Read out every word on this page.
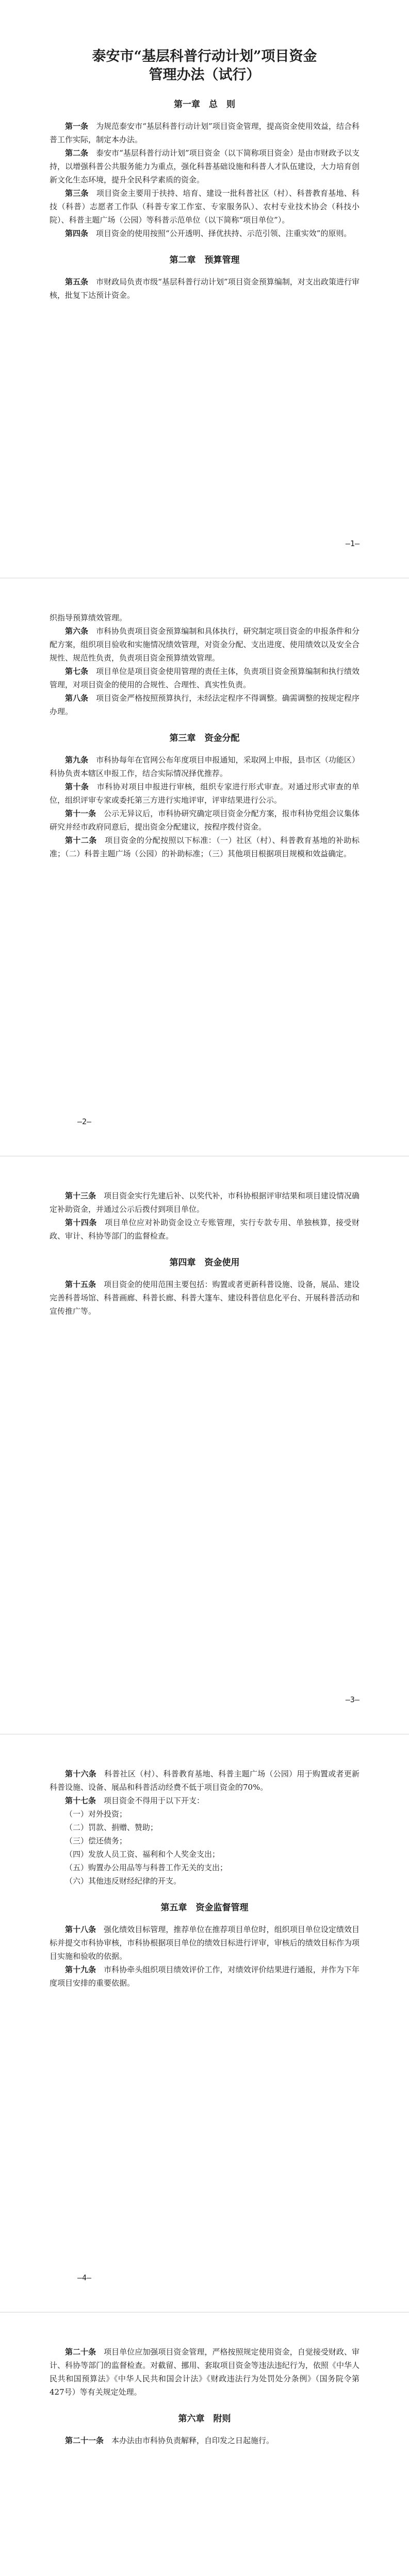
泰安市“基层科普行动计划”项目资金

管理办法（试行）

第一章　总　则

第一条　 为规范泰安市“基层科普行动计划”项目资金管理，提高资金使用效益，结合科普工作实际，制定本办法。

第二条　 泰安市“基层科普行动计划”项目资金（以下简称项目资金）是由市财政予以支持，以增强科普公共服务能力为重点，强化科普基础设施和科普人才队伍建设，大力培育创新文化生态环境，提升全民科学素质的资金。

第三条　 项目资金主要用于扶持、培育、建设一批科普社区（村）、科普教育基地、科技（科普）志愿者工作队（科普专家工作室、专家服务队）、农村专业技术协会（科技小院）、科普主题广场（公园）等科普示范单位（以下简称“项目单位”）。

第四条　 项目资金的使用按照“公开透明、择优扶持、示范引领、注重实效”的原则。

第二章　预算管理

第五条　 市财政局负责市级“基层科普行动计划”项目资金预算编制，对支出政策进行审核，批复下达预计资金。

—1—

织指导预算绩效管理。

第六条　 市科协负责项目资金预算编制和具体执行，研究制定项目资金的申报条件和分配方案，组织项目验收和实施情况绩效管理，对资金分配、支出进度、使用绩效以及安全合规性、规范性负责，负责项目资金预算绩效管理。

第七条　 项目单位是项目资金使用管理的责任主体，负责项目资金预算编制和执行绩效管理，对项目资金的使用的合规性、合理性、真实性负责。

第八条　 项目资金严格按照预算执行，未经法定程序不得调整。确需调整的按规定程序办理。

第三章　资金分配

第九条　 市科协每年在官网公布年度项目申报通知，采取网上申报，县市区（功能区）科协负责本辖区申报工作，结合实际情况择优推荐。

第十条　 市科协对项目申报进行审核，组织专家进行形式审查。对通过形式审查的单位，组织评审专家或委托第三方进行实地评审，评审结果进行公示。

第十一条　 公示无异议后，市科协研究确定项目资金分配方案，报市科协党组会议集体研究并经市政府同意后，提出资金分配建议，按程序拨付资金。

第十二条　 项目资金的分配按照以下标准：（一）社区（村）、科普教育基地的补助标准；（二）科普主题广场（公园）的补助标准；（三）其他项目根据项目规模和效益确定。

—2—

第十三条　 项目资金实行先建后补、以奖代补，市科协根据评审结果和项目建设情况确定补助资金，并通过公示后拨付到项目单位。

第十四条　 项目单位应对补助资金设立专账管理，实行专款专用、单独核算，接受财政、审计、科协等部门的监督检查。

第四章　资金使用

第十五条　 项目资金的使用范围主要包括：购置或者更新科普设施、设备，展品、建设完善科普场馆、科普画廊、科普长廊、科普大篷车、建设科普信息化平台、开展科普活动和宣传推广等。

—3—

第十六条　 科普社区（村）、科普教育基地、科普主题广场（公园）用于购置或者更新科普设施、设备、展品和科普活动经费不低于项目资金的70%。

第十七条　 项目资金不得用于以下开支：

（一）对外投资；

（二）罚款、捐赠、赞助；

（三）偿还债务；

（四）发放人员工资、福利和个人奖金支出；

（五）购置办公用品等与科普工作无关的支出；

（六）其他违反财经纪律的开支。

第五章　资金监督管理

第十八条　 强化绩效目标管理，推荐单位在推荐项目单位时，组织项目单位设定绩效目标并提交市科协审核，市科协根据项目单位的绩效目标进行评审，审核后的绩效目标作为项目实施和验收的依据。

第十九条　 市科协牵头组织项目绩效评价工作，对绩效评价结果进行通报，并作为下年度项目安排的重要依据。

—4—

第二十条　 项目单位应加强项目资金管理，严格按照规定使用资金，自觉接受财政、审计、科协等部门的监督检查。对截留、挪用、套取项目资金等违法违纪行为，依照《中华人民共和国预算法》《中华人民共和国会计法》《财政违法行为处罚处分条例》（国务院令第427号）等有关规定处理。

第六章　附则

第二十一条　 本办法由市科协负责解释，自印发之日起施行。
